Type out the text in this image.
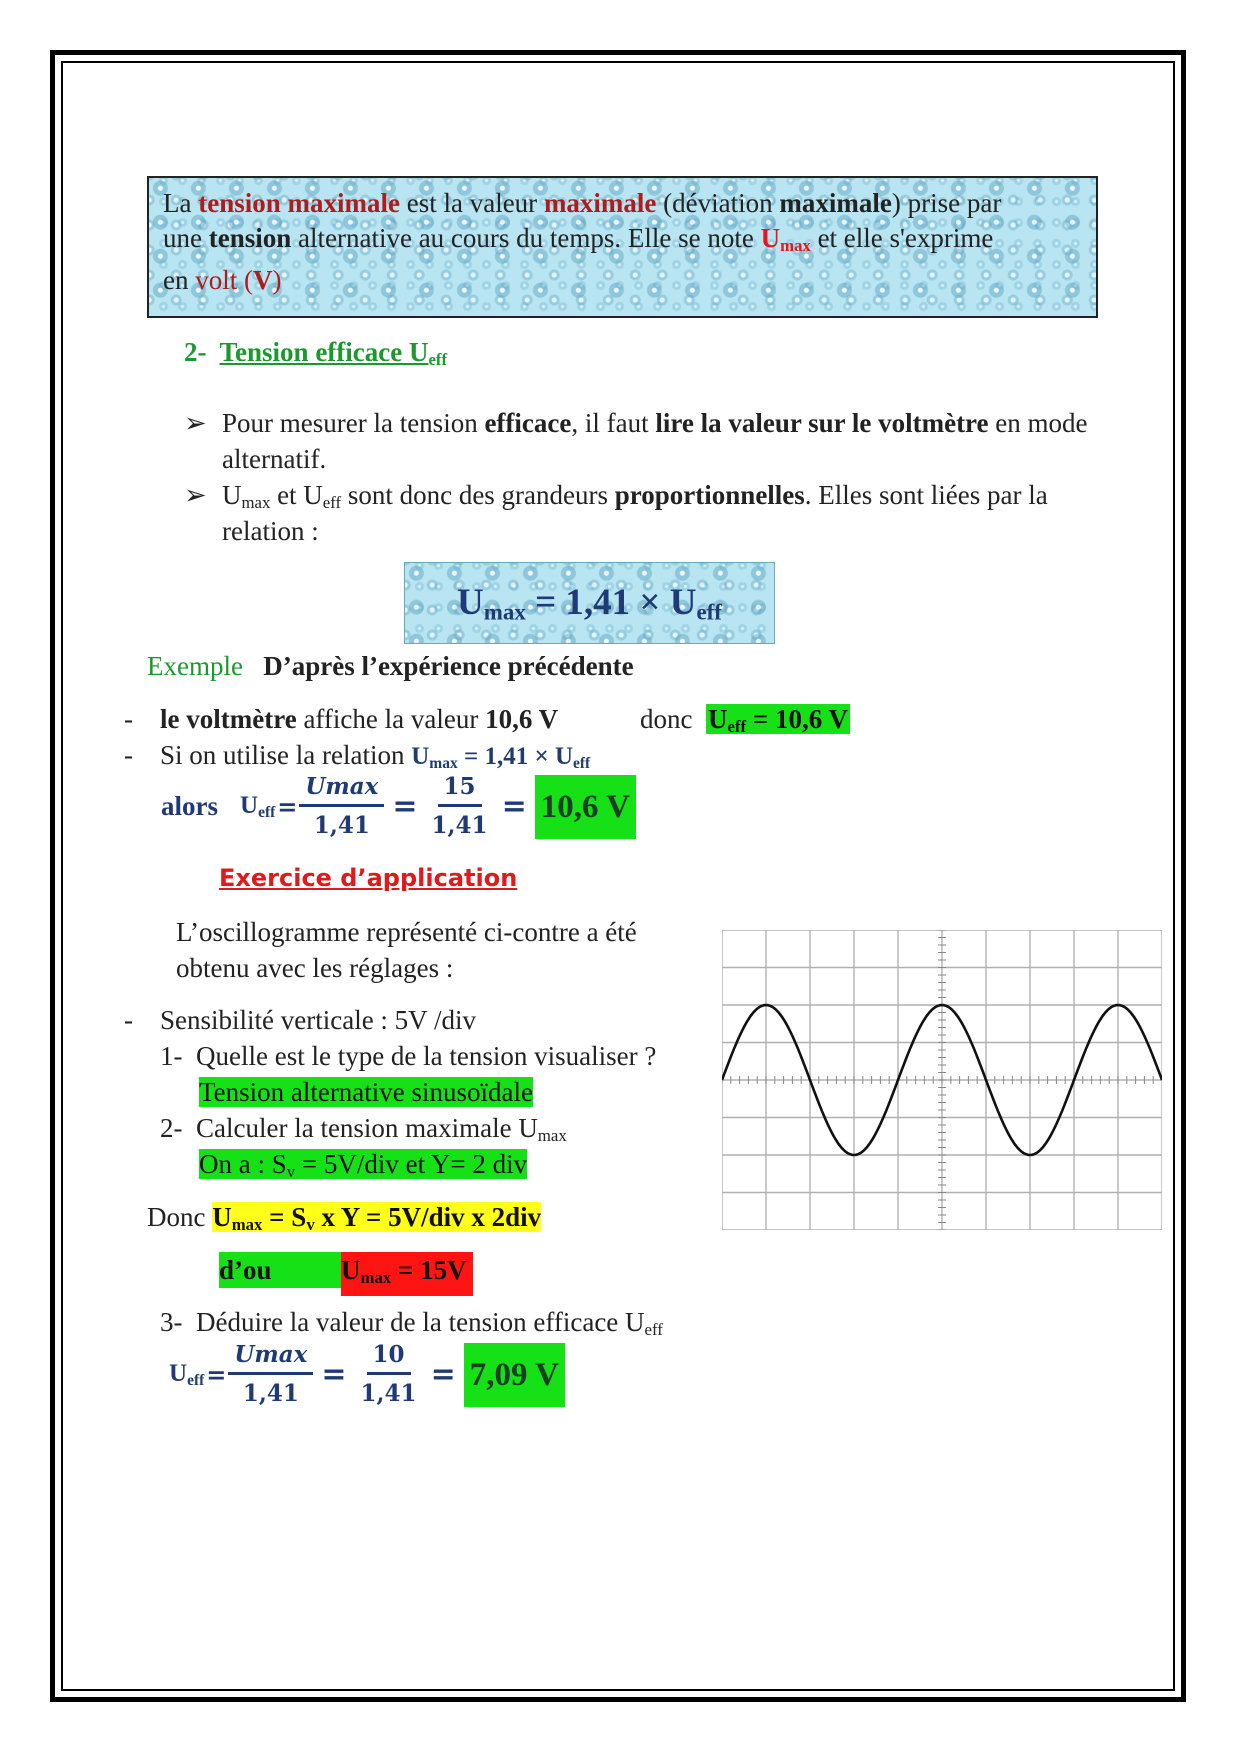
La tension maximale est la valeur maximale (déviation maximale) prise par

une tension alternative au cours du temps. Elle se note $U_{max}$ et elle s'exprime

en volt (V)

2- Tension efficace $U_{eff}$
➢ Pour mesurer la tension efficace, il faut lire la valeur sur le voltmètre en mode
alternatif.
➢ $U_{max}$ et $U_{eff}$ sont donc des grandeurs proportionnelles. Elles sont liées par la
relation :
$U_{max} = 1,41 \times U_{eff}$
Exemple D’après l’expérience précédente
- le voltmètre affiche la valeur 10,6 V	donc $U_{eff} = 10,6$ V
- Si on utilise la relation $U_{max} = 1,41 \times U_{eff}$
alors $U_{eff} = \frac{Umax}{1,41} = \frac{15}{1,41} = 10,6$ V
Exercice d’application
L’oscillogramme représenté ci-contre a été
obtenu avec les réglages :
- Sensibilité verticale : 5V /div
1- Quelle est le type de la tension visualiser ?
Tension alternative sinusoïdale
2- Calculer la tension maximale $U_{max}$
On a : $S_v = 5V/div$ et Y= 2 div
Donc $U_{max} = S_v$ x Y = 5V/div x 2div
d’ou	$U_{max} = 15V$
3- Déduire la valeur de la tension efficace $U_{eff}$
$U_{eff} = \frac{Umax}{1,41} = \frac{10}{1,41} = 7,09$ V
